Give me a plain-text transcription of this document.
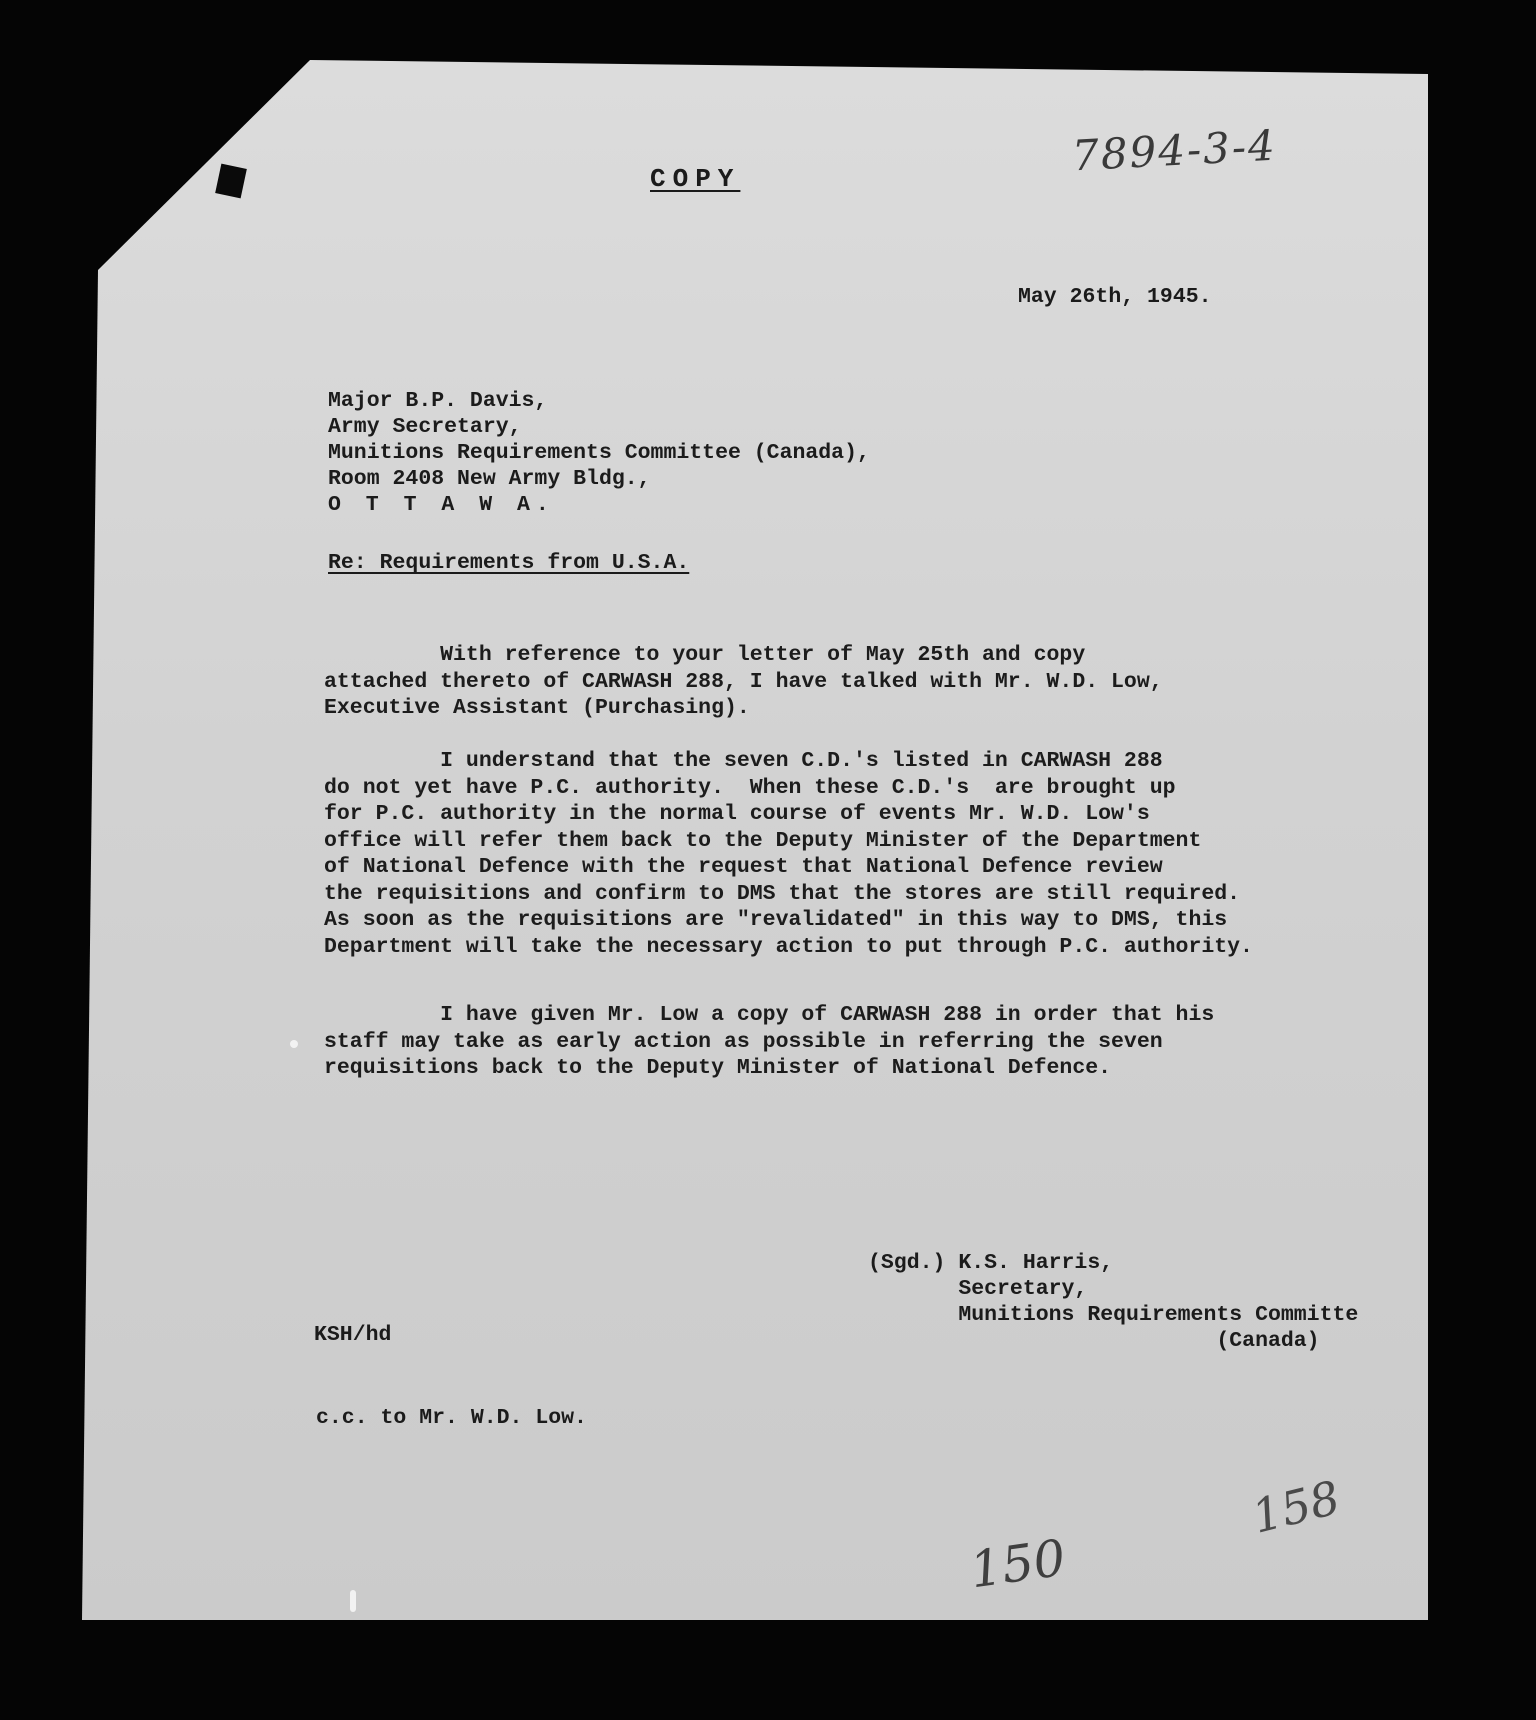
7894-3-4
COPY
May 26th, 1945.
Major B.P. Davis,
Army Secretary,
Munitions Requirements Committee (Canada),
Room 2408 New Army Bldg.,
O T T A W A.
Re: Requirements from U.S.A.

With reference to your letter of May 25th and copy
attached thereto of CARWASH 288, I have talked with Mr. W.D. Low,
Executive Assistant (Purchasing).

I understand that the seven C.D.'s listed in CARWASH 288
do not yet have P.C. authority.  When these C.D.'s  are brought up
for P.C. authority in the normal course of events Mr. W.D. Low's
office will refer them back to the Deputy Minister of the Department
of National Defence with the request that National Defence review
the requisitions and confirm to DMS that the stores are still required.
As soon as the requisitions are "revalidated" in this way to DMS, this
Department will take the necessary action to put through P.C. authority.

I have given Mr. Low a copy of CARWASH 288 in order that his
staff may take as early action as possible in referring the seven
requisitions back to the Deputy Minister of National Defence.

(Sgd.) K.S. Harris,
Secretary,
Munitions Requirements Committe
(Canada)
KSH/hd
c.c. to Mr. W.D. Low.
150
158
